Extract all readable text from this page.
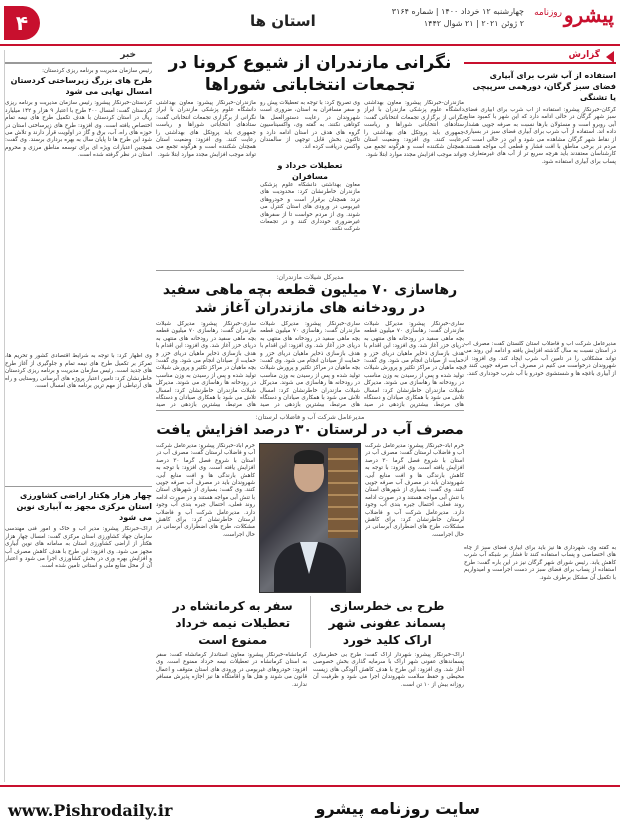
۴	استان ها	پیشرو
روزنامه
چهارشنبه ۱۲ خرداد ۱۴۰۰ | شماره ۳۱۶۴
۲ ژوئن ۲۰۲۱ | ۲۱ شوال ۱۴۴۲
گزارش
استفاده از آب شرب برای آبیاری فضای سبز گرگان، دورهمی سرپیچی یا تشنگی
گرگان-خبرنگار پیشرو: استفاده از آب شرب برای آبیاری فضای سبز شهر گرگان در حالی ادامه دارد که این شهر با کمبود منابع آبی روبرو است و مسئولان بارها نسبت به صرفه جویی هشدار داده اند. استفاده از آب شرب برای آبیاری فضای سبز در بسیاری از نقاط شهر گرگان مشاهده می شود و این در حالی است که مردم در برخی مناطق با افت فشار و قطعی آب مواجه هستند. کارشناسان معتقدند باید هرچه سریع تر از آب های غیرمتعارف و پساب برای آبیاری استفاده شود.
مدیرعامل شرکت آب و فاضلاب استان گلستان گفت: مصرف آب در استان نسبت به سال گذشته افزایش یافته و ادامه این روند می تواند مشکلاتی را در تامین آب شرب ایجاد کند. وی افزود: از شهروندان درخواست می کنیم در مصرف آب صرفه جویی کنند و از آبیاری باغچه ها و شستشوی خودرو با آب شرب خودداری کنند.
به گفته وی، شهرداری ها نیز باید برای آبیاری فضای سبز از چاه های اختصاصی و پساب استفاده کنند تا فشار بر شبکه آب شرب کاهش یابد. رئیس شورای شهر گرگان نیز در این باره گفت: طرح استفاده از پساب برای فضای سبز در دست اجراست و امیدواریم با تکمیل آن مشکل برطرف شود.
خبر
رئیس سازمان مدیریت و برنامه ریزی کردستان:
طرح های بزرگ زیرساختی کردستان امسال نهایی می شود
کردستان-خبرنگار پیشرو: رئیس سازمان مدیریت و برنامه ریزی کردستان گفت: امسال ۴۰۰ طرح با اعتبار ۹ هزار و ۱۴۲ میلیارد ریال در استان کردستان با هدف تکمیل طرح های نیمه تمام اختصاص یافته است. وی افزود: طرح های زیرساختی استان در حوزه های راه، آب، برق و گاز در اولویت قرار دارند و تلاش می شود این طرح ها تا پایان سال به بهره برداری برسند. وی گفت: همچنین اعتبارات ویژه ای برای توسعه مناطق مرزی و محروم استان در نظر گرفته شده است.
وی اظهار کرد: با توجه به شرایط اقتصادی کشور و تحریم ها، تمرکز بر تکمیل طرح های نیمه تمام و جلوگیری از آغاز طرح های جدید است. رئیس سازمان مدیریت و برنامه ریزی کردستان خاطرنشان کرد: تامین اعتبار پروژه های آبرسانی روستایی و راه های ارتباطی از مهم ترین برنامه های امسال است.
چهار هزار هکتار اراضی کشاورزی استان مرکزی مجهز به آبیاری نوین می شود
اراک-خبرنگار پیشرو: مدیر آب و خاک و امور فنی مهندسی سازمان جهاد کشاورزی استان مرکزی گفت: امسال چهار هزار هکتار از اراضی کشاورزی استان به سامانه های نوین آبیاری مجهز می شود. وی افزود: این طرح با هدف کاهش مصرف آب و افزایش بهره وری در بخش کشاورزی اجرا می شود و اعتبار آن از محل منابع ملی و استانی تامین شده است.
نگرانی مازندران از شیوع کرونا در تجمعات انتخاباتی شوراها
مازندران-خبرنگار پیشرو: معاون بهداشتی دانشگاه علوم پزشکی مازندران با ابراز نگرانی از برگزاری تجمعات انتخاباتی گفت: ستادهای انتخاباتی شوراها و ریاست جمهوری باید پروتکل های بهداشتی را رعایت کنند. وی افزود: وضعیت استان همچنان شکننده است و هرگونه تجمع می تواند موجب افزایش مجدد موارد ابتلا شود.
وی تصریح کرد: با توجه به تعطیلات پیش رو و سفر مسافران به استان، ضروری است شهروندان در رعایت دستورالعمل ها کوتاهی نکنند. به گفته وی، واکسیناسیون گروه های هدف در استان ادامه دارد و تاکنون بخش قابل توجهی از سالمندان واکسن دریافت کرده اند.
تعطیلات خرداد و مسافران
معاون بهداشتی دانشگاه علوم پزشکی مازندران خاطرنشان کرد: محدودیت های تردد همچنان برقرار است و خودروهای غیربومی در ورودی های استان کنترل می شوند. وی از مردم خواست تا از سفرهای غیرضروری خودداری کنند و در تجمعات شرکت نکنند.
مازندران-خبرنگار پیشرو: معاون بهداشتی دانشگاه علوم پزشکی مازندران با ابراز نگرانی از برگزاری تجمعات انتخاباتی گفت: ستادهای انتخاباتی شوراها و ریاست جمهوری باید پروتکل های بهداشتی را رعایت کنند. وی افزود: وضعیت استان همچنان شکننده است و هرگونه تجمع می تواند موجب افزایش مجدد موارد ابتلا شود.
مدیرکل شیلات مازندران:
رهاسازی ۷۰ میلیون قطعه بچه ماهی سفید در رودخانه های مازندران آغاز شد
ساری-خبرنگار پیشرو: مدیرکل شیلات مازندران گفت: رهاسازی ۷۰ میلیون قطعه بچه ماهی سفید در رودخانه های منتهی به دریای خزر آغاز شد. وی افزود: این اقدام با هدف بازسازی ذخایر ماهیان دریای خزر و حمایت از صیادان انجام می شود. وی گفت: بچه ماهیان در مراکز تکثیر و پرورش شیلات تولید شده و پس از رسیدن به وزن مناسب در رودخانه ها رهاسازی می شوند. مدیرکل شیلات مازندران خاطرنشان کرد: امسال تلاش می شود با همکاری صیادان و دستگاه های مرتبط، بیشترین بازدهی در صید
ساری-خبرنگار پیشرو: مدیرکل شیلات مازندران گفت: رهاسازی ۷۰ میلیون قطعه بچه ماهی سفید در رودخانه های منتهی به دریای خزر آغاز شد. وی افزود: این اقدام با هدف بازسازی ذخایر ماهیان دریای خزر و حمایت از صیادان انجام می شود. وی گفت: بچه ماهیان در مراکز تکثیر و پرورش شیلات تولید شده و پس از رسیدن به وزن مناسب در رودخانه ها رهاسازی می شوند. مدیرکل شیلات مازندران خاطرنشان کرد: امسال تلاش می شود با همکاری صیادان و دستگاه های مرتبط، بیشترین بازدهی در صید
ساری-خبرنگار پیشرو: مدیرکل شیلات مازندران گفت: رهاسازی ۷۰ میلیون قطعه بچه ماهی سفید در رودخانه های منتهی به دریای خزر آغاز شد. وی افزود: این اقدام با هدف بازسازی ذخایر ماهیان دریای خزر و حمایت از صیادان انجام می شود. وی گفت: بچه ماهیان در مراکز تکثیر و پرورش شیلات تولید شده و پس از رسیدن به وزن مناسب در رودخانه ها رهاسازی می شوند. مدیرکل شیلات مازندران خاطرنشان کرد: امسال تلاش می شود با همکاری صیادان و دستگاه های مرتبط، بیشترین بازدهی در صید
مدیرعامل شرکت آب و فاضلاب لرستان:
مصرف آب در لرستان ۳۰ درصد افزایش یافت
خرم آباد-خبرنگار پیشرو: مدیرعامل شرکت آب و فاضلاب لرستان گفت: مصرف آب در استان با شروع فصل گرما ۳۰ درصد افزایش یافته است. وی افزود: با توجه به کاهش بارندگی ها و افت منابع آبی، شهروندان باید در مصرف آب صرفه جویی کنند. وی گفت: بسیاری از شهرهای استان با تنش آبی مواجه هستند و در صورت ادامه روند فعلی، احتمال جیره بندی آب وجود دارد. مدیرعامل شرکت آب و فاضلاب لرستان خاطرنشان کرد: برای کاهش مشکلات، طرح های اضطراری آبرسانی در حال اجراست.
خرم آباد-خبرنگار پیشرو: مدیرعامل شرکت آب و فاضلاب لرستان گفت: مصرف آب در استان با شروع فصل گرما ۳۰ درصد افزایش یافته است. وی افزود: با توجه به کاهش بارندگی ها و افت منابع آبی، شهروندان باید در مصرف آب صرفه جویی کنند. وی گفت: بسیاری از شهرهای استان با تنش آبی مواجه هستند و در صورت ادامه روند فعلی، احتمال جیره بندی آب وجود دارد. مدیرعامل شرکت آب و فاضلاب لرستان خاطرنشان کرد: برای کاهش مشکلات، طرح های اضطراری آبرسانی در حال اجراست.
طرح بی خطرسازی پسماند عفونی شهر اراک کلید خورد
سفر به کرمانشاه در تعطیلات نیمه خرداد ممنوع است
اراک-خبرنگار پیشرو: شهردار اراک گفت: طرح بی خطرسازی پسماندهای عفونی شهر اراک با سرمایه گذاری بخش خصوصی آغاز شد. وی افزود: این طرح با هدف کاهش آلودگی های زیست محیطی و حفظ سلامت شهروندان اجرا می شود و ظرفیت آن روزانه بیش از ۱۰ تن است.
کرمانشاه-خبرنگار پیشرو: معاون استاندار کرمانشاه گفت: سفر به استان کرمانشاه در تعطیلات نیمه خرداد ممنوع است. وی افزود: خودروهای غیربومی در ورودی های استان متوقف و اعمال قانون می شوند و هتل ها و اقامتگاه ها نیز اجازه پذیرش مسافر ندارند.
www.Pishrodaily.ir	سایت روزنامه پیشرو
